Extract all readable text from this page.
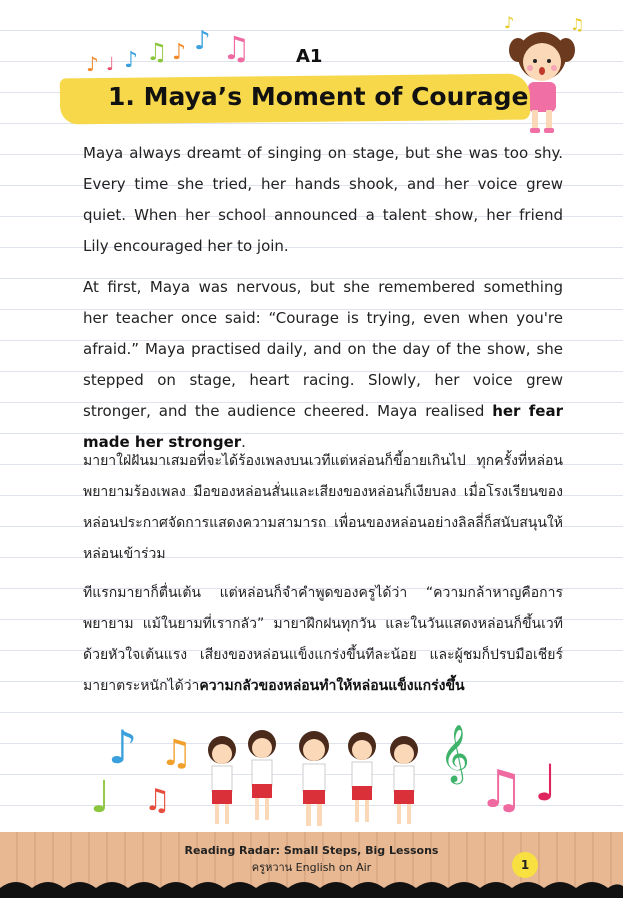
♪ ♩ ♪ ♫ ♪ ♪ ♫
♪	♫
A1
1. Maya’s Moment of Courage

Maya always dreamt of singing on stage, but she was too shy. Every time she tried, her hands shook, and her voice grew quiet. When her school announced a talent show, her friend Lily encouraged her to join.

At first, Maya was nervous, but she remembered something her teacher once said: “Courage is trying, even when you're afraid.” Maya practised daily, and on the day of the show, she stepped on stage, heart racing. Slowly, her voice grew stronger, and the audience cheered. Maya realised her fear made her stronger.

มายาใฝ่ฝันมาเสมอที่จะได้ร้องเพลงบนเวทีแต่หล่อนก็ขี้อายเกินไป ทุกครั้งที่หล่อนพยายามร้องเพลง มือของหล่อนสั่นและเสียงของหล่อนก็เงียบลง เมื่อโรงเรียนของหล่อนประกาศจัดการแสดงความสามารถ เพื่อนของหล่อนอย่างลิลลี่ก็สนับสนุนให้หล่อนเข้าร่วม

ทีแรกมายาก็ตื่นเต้น แต่หล่อนก็จำคำพูดของครูได้ว่า “ความกล้าหาญคือการพยายาม แม้ในยามที่เรากลัว” มายาฝึกฝนทุกวัน และในวันแสดงหล่อนก็ขึ้นเวทีด้วยหัวใจเต้นแรง เสียงของหล่อนแข็งแกร่งขึ้นทีละน้อย และผู้ชมก็ปรบมือเชียร์ มายาตระหนักได้ว่าความกลัวของหล่อนทำให้หล่อนแข็งแกร่งขึ้น

♪ ♫
♩ ♫	♫ ♩
𝄞
Reading Radar: Small Steps, Big Lessons
ครูหวาน English on Air	1
